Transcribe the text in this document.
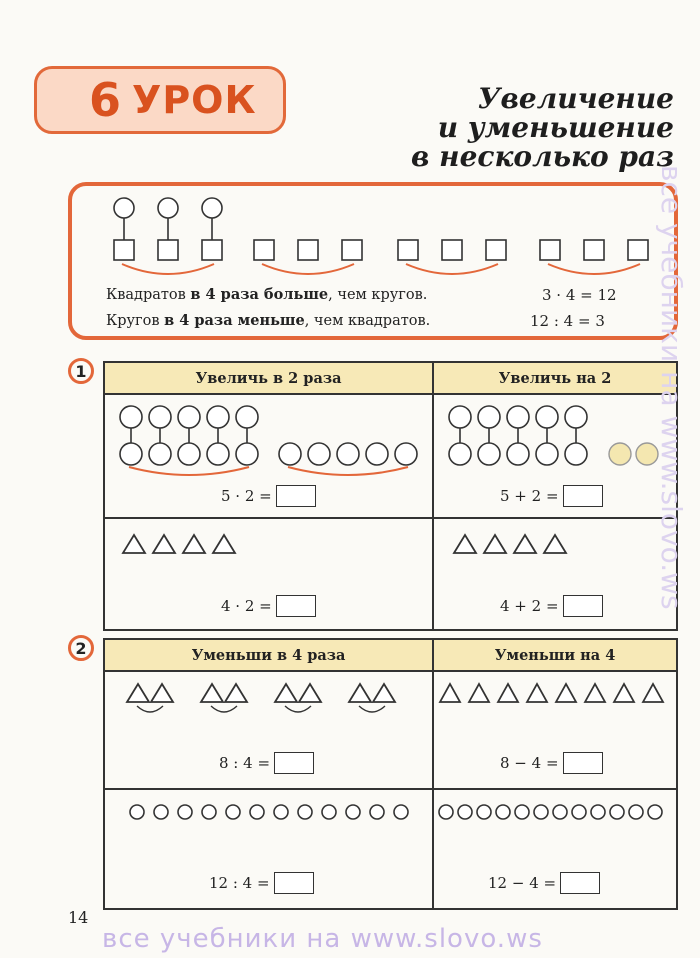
6 УРОК	Увеличение
и уменьшение
в несколько раз
Квадратов в 4 раза больше, чем кругов.
Кругов в 4 раза меньше, чем квадратов.
3 · 4 = 12
12 : 4 = 3
1	Увеличь в 2 раза	Увеличь на 2

5 · 2 =	5 + 2 =

4 · 2 =	4 + 2 =
2	Уменьши в 4 раза	Уменьши на 4

8 : 4 =	8 − 4 =

12 : 4 =	12 − 4 =
14
все учебники на www.slovo.ws
все учебники на www.slovo.ws
